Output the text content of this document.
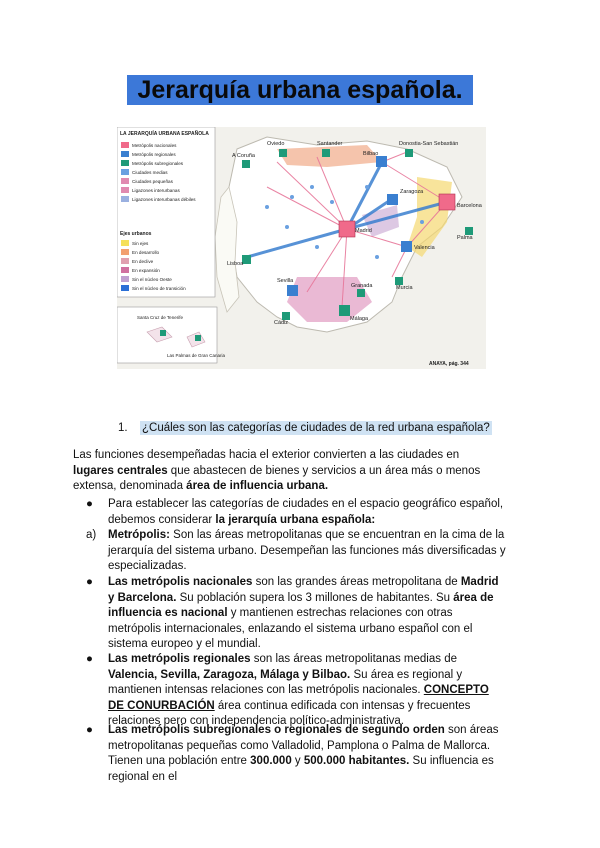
Jerarquía urbana española.
Madrid
Barcelona
Valencia
Bilbao
Zaragoza
Sevilla
Málaga
Lisboa
A Coruña
Oviedo	Santander	Donostia-San Sebastián
Murcia
Granada
Cádiz
Palma
LA JERARQUÍA URBANA ESPAÑOLA
Metrópolis nacionales
Metrópolis regionales
Metrópolis subregionales
Ciudades medias
Ciudades pequeñas
Ligazones interurbanas
Ligazones interurbanas débiles
Ejes urbanos
Sin ejes
En desarrollo
En declive
En expansión
Sin el núcleo Oeste
Sin el núcleo de transición
Santa Cruz de Tenerife
Las Palmas de Gran Canaria
ANAYA, pág. 344
1. ¿Cuáles son las categorías de ciudades de la red urbana española?
Las funciones desempeñadas hacia el exterior convierten a las ciudades en lugares centrales que abastecen de bienes y servicios a un área más o menos extensa, denominada área de influencia urbana.
●	Para establecer las categorías de ciudades en el espacio geográfico español, debemos considerar la jerarquía urbana española:
a)	Metrópolis: Son las áreas metropolitanas que se encuentran en la cima de la jerarquía del sistema urbano. Desempeñan las funciones más diversificadas y especializadas.
●	Las metrópolis nacionales son las grandes áreas metropolitana de Madrid y Barcelona. Su población supera los 3 millones de habitantes. Su área de influencia es nacional y mantienen estrechas relaciones con otras metrópolis internacionales, enlazando el sistema urbano español con el sistema europeo y el mundial.
●	Las metrópolis regionales son las áreas metropolitanas medias de Valencia, Sevilla, Zaragoza, Málaga y Bilbao. Su área es regional y mantienen intensas relaciones con las metrópolis nacionales. CONCEPTO DE CONURBACIÓN área continua edificada con intensas y frecuentes relaciones pero con independencia político-administrativa.
●	Las metrópolis subregionales o regionales de segundo orden son áreas metropolitanas pequeñas como Valladolid, Pamplona o Palma de Mallorca. Tienen una población entre 300.000 y 500.000 habitantes. Su influencia es regional en el
